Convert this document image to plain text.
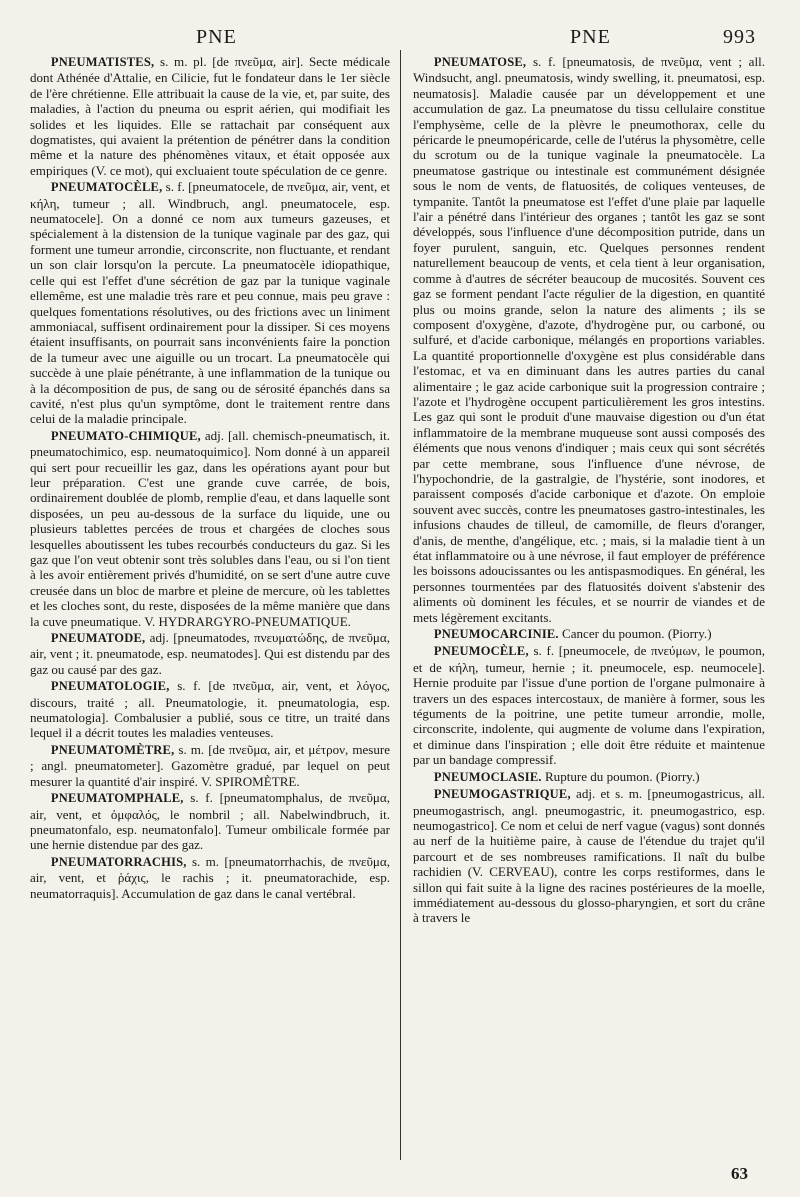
PNE	PNE	993

PNEUMATISTES, s. m. pl. [de πνεῦμα, air]. Secte médicale dont Athénée d'Attalie, en Cilicie, fut le fondateur dans le 1er siècle de l'ère chrétienne. Elle attribuait la cause de la vie, et, par suite, des maladies, à l'action du pneuma ou esprit aérien, qui modifiait les solides et les liquides. Elle se rattachait par conséquent aux dogmatistes, qui avaient la prétention de pénétrer dans la condition même et la nature des phénomènes vitaux, et était opposée aux empiriques (V. ce mot), qui excluaient toute spéculation de ce genre.

PNEUMATOCÈLE, s. f. [pneumatocele, de πνεῦμα, air, vent, et κήλη, tumeur ; all. Windbruch, angl. pneumatocele, esp. neumatocele]. On a donné ce nom aux tumeurs gazeuses, et spécialement à la distension de la tunique vaginale par des gaz, qui forment une tumeur arrondie, circonscrite, non fluctuante, et rendant un son clair lorsqu'on la percute. La pneumatocèle idiopathique, celle qui est l'effet d'une sécrétion de gaz par la tunique vaginale ellemême, est une maladie très rare et peu connue, mais peu grave : quelques fomentations résolutives, ou des frictions avec un liniment ammoniacal, suffisent ordinairement pour la dissiper. Si ces moyens étaient insuffisants, on pourrait sans inconvénients faire la ponction de la tumeur avec une aiguille ou un trocart. La pneumatocèle qui succède à une plaie pénétrante, à une inflammation de la tunique ou à la décomposition de pus, de sang ou de sérosité épanchés dans sa cavité, n'est plus qu'un symptôme, dont le traitement rentre dans celui de la maladie principale.

PNEUMATO-CHIMIQUE, adj. [all. chemisch-pneumatisch, it. pneumatochimico, esp. neumatoquimico]. Nom donné à un appareil qui sert pour recueillir les gaz, dans les opérations ayant pour but leur préparation. C'est une grande cuve carrée, de bois, ordinairement doublée de plomb, remplie d'eau, et dans laquelle sont disposées, un peu au-dessous de la surface du liquide, une ou plusieurs tablettes percées de trous et chargées de cloches sous lesquelles aboutissent les tubes recourbés conducteurs du gaz. Si les gaz que l'on veut obtenir sont très solubles dans l'eau, ou si l'on tient à les avoir entièrement privés d'humidité, on se sert d'une autre cuve creusée dans un bloc de marbre et pleine de mercure, où les tablettes et les cloches sont, du reste, disposées de la même manière que dans la cuve pneumatique. V. HYDRARGYRO-PNEUMATIQUE.

PNEUMATODE, adj. [pneumatodes, πνευματώδης, de πνεῦμα, air, vent ; it. pneumatode, esp. neumatodes]. Qui est distendu par des gaz ou causé par des gaz.

PNEUMATOLOGIE, s. f. [de πνεῦμα, air, vent, et λόγος, discours, traité ; all. Pneumatologie, it. pneumatologia, esp. neumatologia]. Combalusier a publié, sous ce titre, un traité dans lequel il a décrit toutes les maladies venteuses.

PNEUMATOMÈTRE, s. m. [de πνεῦμα, air, et μέτρον, mesure ; angl. pneumatometer]. Gazomètre gradué, par lequel on peut mesurer la quantité d'air inspiré. V. SPIROMÈTRE.

PNEUMATOMPHALE, s. f. [pneumatomphalus, de πνεῦμα, air, vent, et ὀμφαλός, le nombril ; all. Nabelwindbruch, it. pneumatonfalo, esp. neumatonfalo]. Tumeur ombilicale formée par une hernie distendue par des gaz.

PNEUMATORRACHIS, s. m. [pneumatorrhachis, de πνεῦμα, air, vent, et ῥάχις, le rachis ; it. pneumatorachide, esp. neumatorraquis]. Accumulation de gaz dans le canal vertébral.

PNEUMATOSE, s. f. [pneumatosis, de πνεῦμα, vent ; all. Windsucht, angl. pneumatosis, windy swelling, it. pneumatosi, esp. neumatosis]. Maladie causée par un développement et une accumulation de gaz. La pneumatose du tissu cellulaire constitue l'emphysème, celle de la plèvre le pneumothorax, celle du péricarde le pneumopéricarde, celle de l'utérus la physomètre, celle du scrotum ou de la tunique vaginale la pneumatocèle. La pneumatose gastrique ou intestinale est communément désignée sous le nom de vents, de flatuosités, de coliques venteuses, de tympanite. Tantôt la pneumatose est l'effet d'une plaie par laquelle l'air a pénétré dans l'intérieur des organes ; tantôt les gaz se sont développés, sous l'influence d'une décomposition putride, dans un foyer purulent, sanguin, etc. Quelques personnes rendent naturellement beaucoup de vents, et cela tient à leur organisation, comme à d'autres de sécréter beaucoup de mucosités. Souvent ces gaz se forment pendant l'acte régulier de la digestion, en quantité plus ou moins grande, selon la nature des aliments ; ils se composent d'oxygène, d'azote, d'hydrogène pur, ou carboné, ou sulfuré, et d'acide carbonique, mélangés en proportions variables. La quantité proportionnelle d'oxygène est plus considérable dans l'estomac, et va en diminuant dans les autres parties du canal alimentaire ; le gaz acide carbonique suit la progression contraire ; l'azote et l'hydrogène occupent particulièrement les gros intestins. Les gaz qui sont le produit d'une mauvaise digestion ou d'un état inflammatoire de la membrane muqueuse sont aussi composés des éléments que nous venons d'indiquer ; mais ceux qui sont sécrétés par cette membrane, sous l'influence d'une névrose, de l'hypochondrie, de la gastralgie, de l'hystérie, sont inodores, et paraissent composés d'acide carbonique et d'azote. On emploie souvent avec succès, contre les pneumatoses gastro-intestinales, les infusions chaudes de tilleul, de camomille, de fleurs d'oranger, d'anis, de menthe, d'angélique, etc. ; mais, si la maladie tient à un état inflammatoire ou à une névrose, il faut employer de préférence les boissons adoucissantes ou les antispasmodiques. En général, les personnes tourmentées par des flatuosités doivent s'abstenir des aliments où dominent les fécules, et se nourrir de viandes et de mets légèrement excitants.

PNEUMOCARCINIE. Cancer du poumon. (Piorry.)

PNEUMOCÈLE, s. f. [pneumocele, de πνεύμων, le poumon, et de κήλη, tumeur, hernie ; it. pneumocele, esp. neumocele]. Hernie produite par l'issue d'une portion de l'organe pulmonaire à travers un des espaces intercostaux, de manière à former, sous les téguments de la poitrine, une petite tumeur arrondie, molle, circonscrite, indolente, qui augmente de volume dans l'expiration, et diminue dans l'inspiration ; elle doit être réduite et maintenue par un bandage compressif.

PNEUMOCLASIE. Rupture du poumon. (Piorry.)

PNEUMOGASTRIQUE, adj. et s. m. [pneumogastricus, all. pneumogastrisch, angl. pneumogastric, it. pneumogastrico, esp. neumogastrico]. Ce nom et celui de nerf vague (vagus) sont donnés au nerf de la huitième paire, à cause de l'étendue du trajet qu'il parcourt et de ses nombreuses ramifications. Il naît du bulbe rachidien (V. CERVEAU), contre les corps restiformes, dans le sillon qui fait suite à la ligne des racines postérieures de la moelle, immédiatement au-dessous du glosso-pharyngien, et sort du crâne à travers le

63
